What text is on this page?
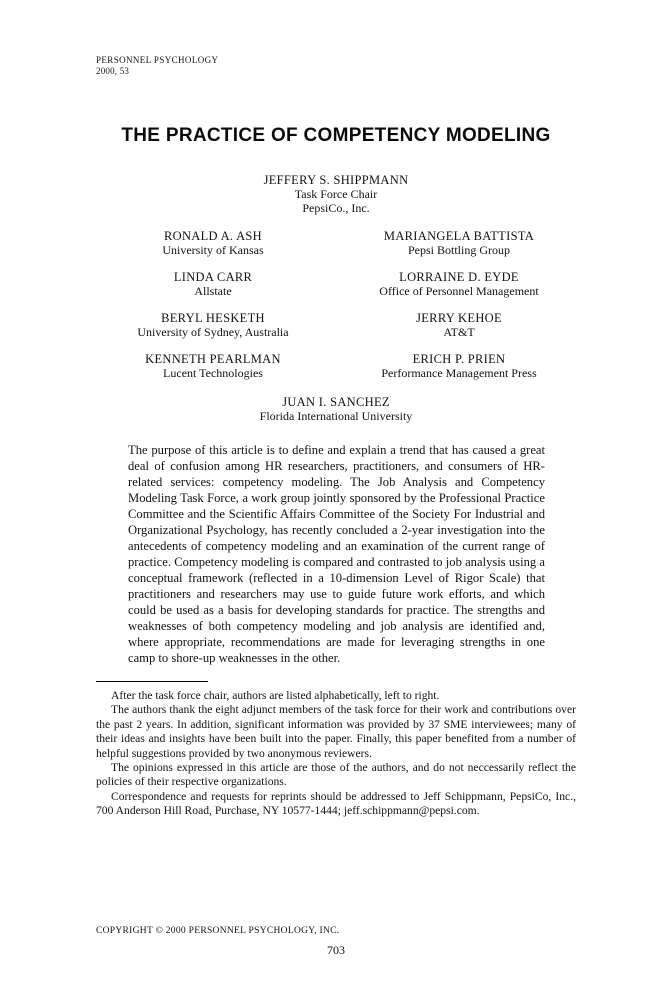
PERSONNEL PSYCHOLOGY
2000, 53
THE PRACTICE OF COMPETENCY MODELING
JEFFERY S. SHIPPMANN
Task Force Chair
PepsiCo., Inc.
RONALD A. ASH
University of Kansas
MARIANGELA BATTISTA
Pepsi Bottling Group
LINDA CARR
Allstate
LORRAINE D. EYDE
Office of Personnel Management
BERYL HESKETH
University of Sydney, Australia
JERRY KEHOE
AT&T
KENNETH PEARLMAN
Lucent Technologies
ERICH P. PRIEN
Performance Management Press
JUAN I. SANCHEZ
Florida International University

The purpose of this article is to define and explain a trend that has caused a great deal of confusion among HR researchers, practitioners, and consumers of HR-related services: competency modeling. The Job Analysis and Competency Modeling Task Force, a work group jointly sponsored by the Professional Practice Committee and the Scientific Affairs Committee of the Society For Industrial and Organizational Psychology, has recently concluded a 2-year investigation into the antecedents of competency modeling and an examination of the current range of practice. Competency modeling is compared and contrasted to job analysis using a conceptual framework (reflected in a 10-dimension Level of Rigor Scale) that practitioners and researchers may use to guide future work efforts, and which could be used as a basis for developing standards for practice. The strengths and weaknesses of both competency modeling and job analysis are identified and, where appropriate, recommendations are made for leveraging strengths in one camp to shore-up weaknesses in the other.

After the task force chair, authors are listed alphabetically, left to right.

The authors thank the eight adjunct members of the task force for their work and contributions over the past 2 years. In addition, significant information was provided by 37 SME interviewees; many of their ideas and insights have been built into the paper. Finally, this paper benefited from a number of helpful suggestions provided by two anonymous reviewers.

The opinions expressed in this article are those of the authors, and do not neccessarily reflect the policies of their respective organizations.

Correspondence and requests for reprints should be addressed to Jeff Schippmann, PepsiCo, Inc., 700 Anderson Hill Road, Purchase, NY 10577-1444; jeff.schippmann@pepsi.com.

COPYRIGHT © 2000 PERSONNEL PSYCHOLOGY, INC.
703
